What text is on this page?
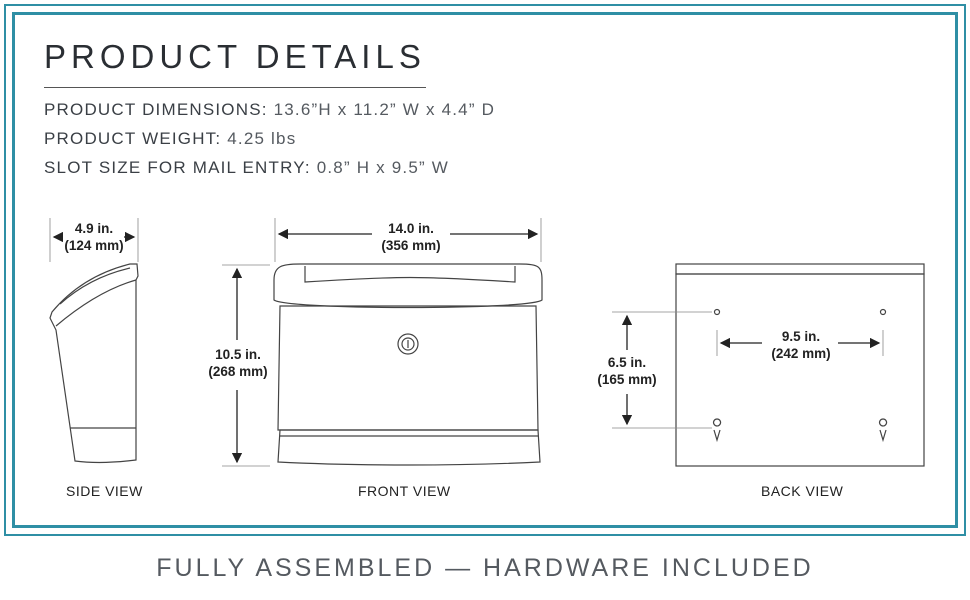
PRODUCT DETAILS
PRODUCT DIMENSIONS: 13.6”H x 11.2” W x 4.4” D
PRODUCT WEIGHT: 4.25 lbs
SLOT SIZE FOR MAIL ENTRY: 0.8” H x 9.5” W
4.9 in.
(124 mm)
SIDE VIEW
14.0 in.
(356 mm)
10.5 in.
(268 mm)
FRONT VIEW
9.5 in.
(242 mm)
6.5 in.
(165 mm)
BACK VIEW
FULLY ASSEMBLED — HARDWARE INCLUDED
